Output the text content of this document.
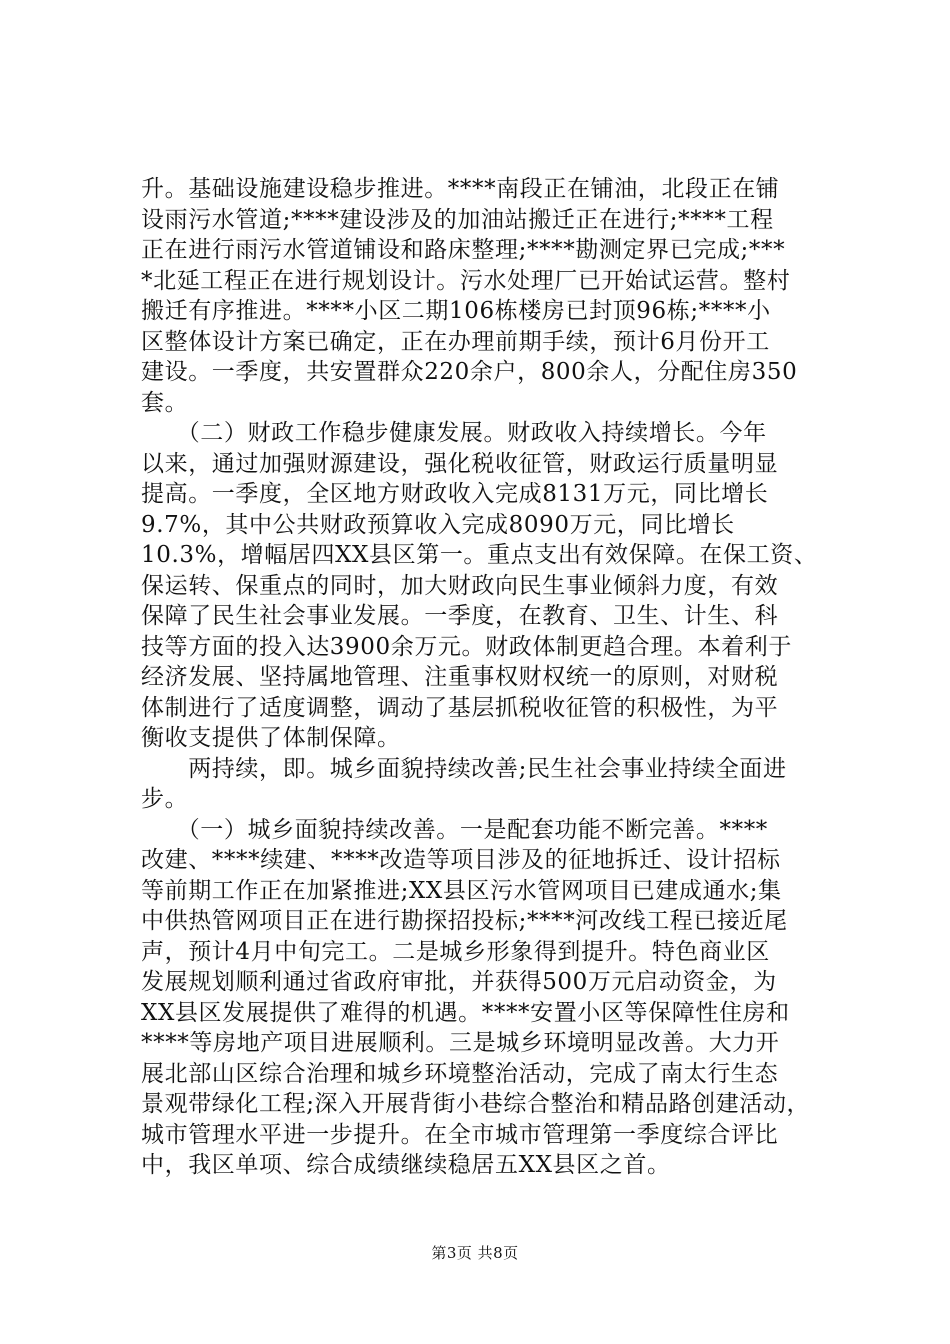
升。基础设施建设稳步推进。****南段正在铺油，北段正在铺
设雨污水管道;****建设涉及的加油站搬迁正在进行;****工程
正在进行雨污水管道铺设和路床整理;****勘测定界已完成;***
*北延工程正在进行规划设计。污水处理厂已开始试运营。整村
搬迁有序推进。****小区二期106栋楼房已封顶96栋;****小
区整体设计方案已确定，正在办理前期手续，预计6月份开工
建设。一季度，共安置群众220余户，800余人，分配住房350
套。
　　（二）财政工作稳步健康发展。财政收入持续增长。今年
以来，通过加强财源建设，强化税收征管，财政运行质量明显
提高。一季度，全区地方财政收入完成8131万元，同比增长
9.7%，其中公共财政预算收入完成8090万元，同比增长
10.3%，增幅居四XX县区第一。重点支出有效保障。在保工资、
保运转、保重点的同时，加大财政向民生事业倾斜力度，有效
保障了民生社会事业发展。一季度，在教育、卫生、计生、科
技等方面的投入达3900余万元。财政体制更趋合理。本着利于
经济发展、坚持属地管理、注重事权财权统一的原则，对财税
体制进行了适度调整，调动了基层抓税收征管的积极性，为平
衡收支提供了体制保障。
　　两持续，即。城乡面貌持续改善;民生社会事业持续全面进
步。
　　（一）城乡面貌持续改善。一是配套功能不断完善。****
改建、****续建、****改造等项目涉及的征地拆迁、设计招标
等前期工作正在加紧推进;XX县区污水管网项目已建成通水;集
中供热管网项目正在进行勘探招投标;****河改线工程已接近尾
声，预计4月中旬完工。二是城乡形象得到提升。特色商业区
发展规划顺利通过省政府审批，并获得500万元启动资金，为
XX县区发展提供了难得的机遇。****安置小区等保障性住房和
****等房地产项目进展顺利。三是城乡环境明显改善。大力开
展北部山区综合治理和城乡环境整治活动，完成了南太行生态
景观带绿化工程;深入开展背街小巷综合整治和精品路创建活动，
城市管理水平进一步提升。在全市城市管理第一季度综合评比
中，我区单项、综合成绩继续稳居五XX县区之首。
第3页 共8页
